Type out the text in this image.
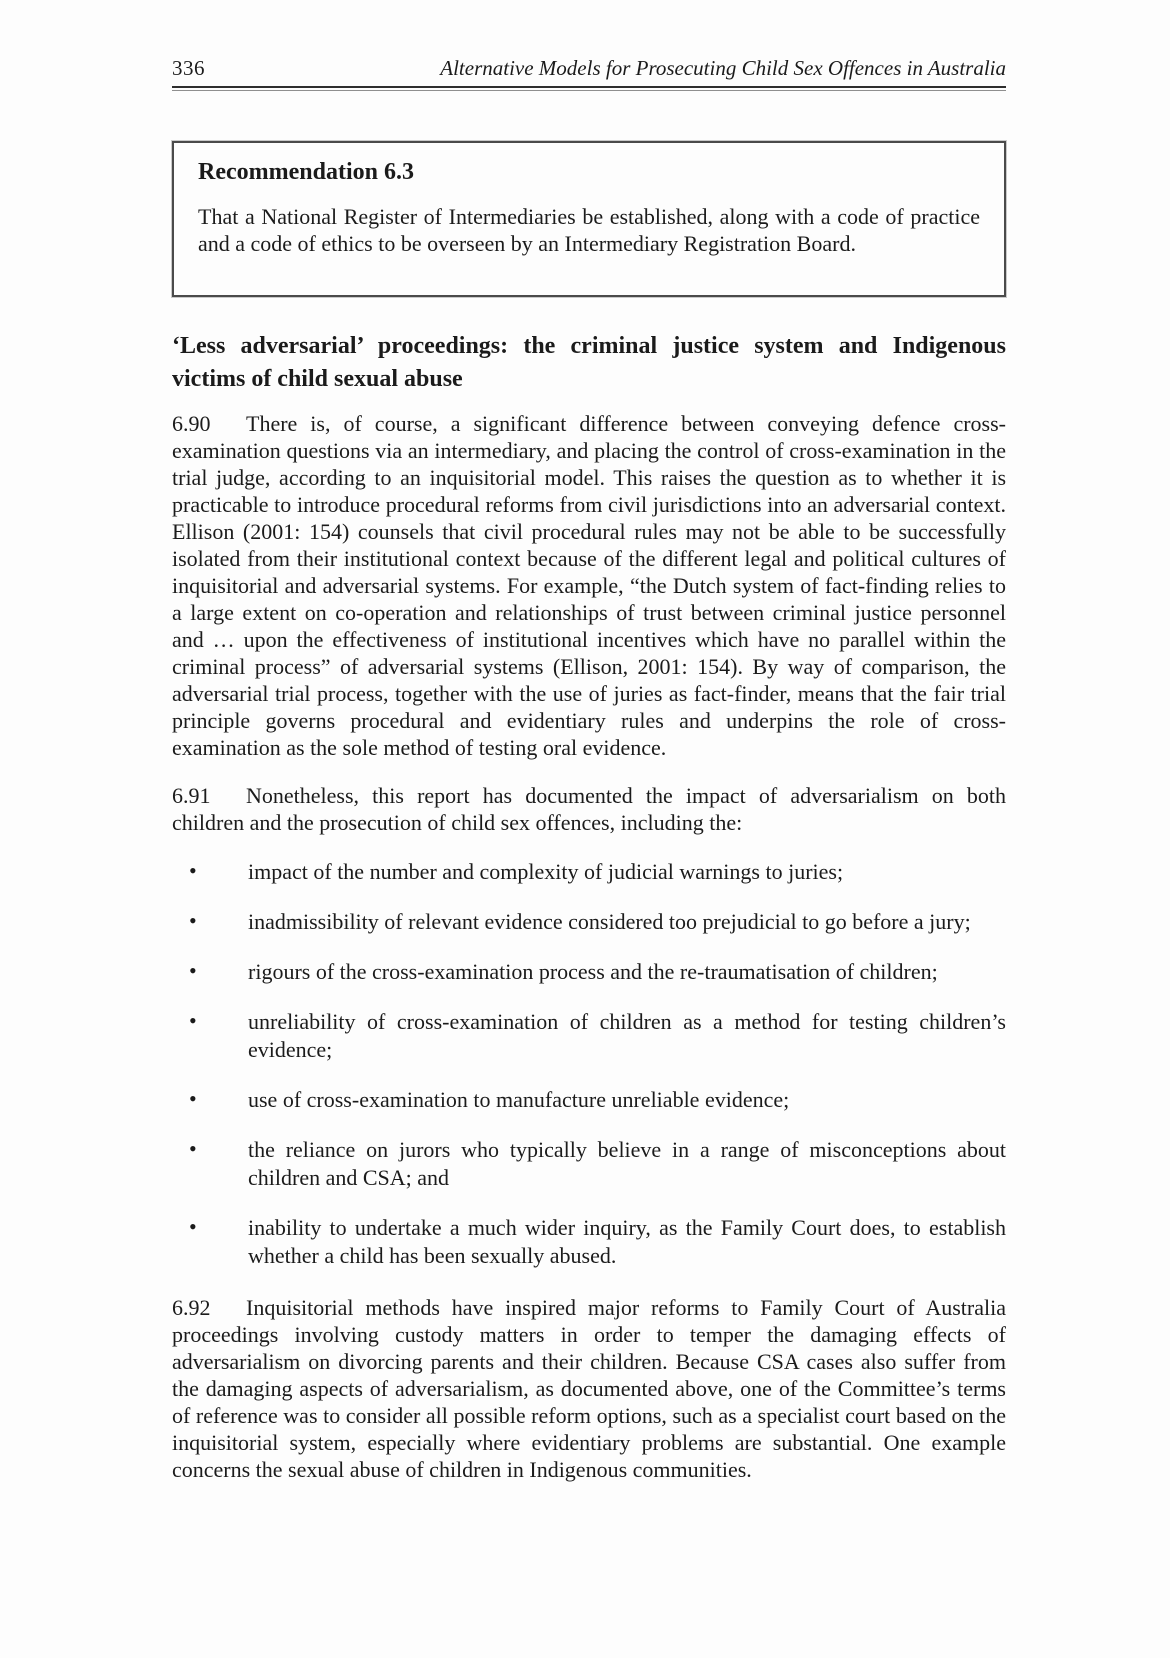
336	Alternative Models for Prosecuting Child Sex Offences in Australia

Recommendation 6.3

That a National Register of Intermediaries be established, along with a code of practice and a code of ethics to be overseen by an Intermediary Registration Board.

‘Less adversarial’ proceedings: the criminal justice system and Indigenous victims of child sexual abuse

6.90 There is, of course, a significant difference between conveying defence cross-examination questions via an intermediary, and placing the control of cross-examination in the trial judge, according to an inquisitorial model. This raises the question as to whether it is practicable to introduce procedural reforms from civil jurisdictions into an adversarial context. Ellison (2001: 154) counsels that civil procedural rules may not be able to be successfully isolated from their institutional context because of the different legal and political cultures of inquisitorial and adversarial systems. For example, “the Dutch system of fact-finding relies to a large extent on co-operation and relationships of trust between criminal justice personnel and … upon the effectiveness of institutional incentives which have no parallel within the criminal process” of adversarial systems (Ellison, 2001: 154). By way of comparison, the adversarial trial process, together with the use of juries as fact-finder, means that the fair trial principle governs procedural and evidentiary rules and underpins the role of cross-examination as the sole method of testing oral evidence.

6.91 Nonetheless, this report has documented the impact of adversarialism on both children and the prosecution of child sex offences, including the:

• impact of the number and complexity of judicial warnings to juries;
• inadmissibility of relevant evidence considered too prejudicial to go before a jury;
• rigours of the cross-examination process and the re-traumatisation of children;
• unreliability of cross-examination of children as a method for testing children’s evidence;
• use of cross-examination to manufacture unreliable evidence;
• the reliance on jurors who typically believe in a range of misconceptions about children and CSA; and
• inability to undertake a much wider inquiry, as the Family Court does, to establish whether a child has been sexually abused.

6.92 Inquisitorial methods have inspired major reforms to Family Court of Australia proceedings involving custody matters in order to temper the damaging effects of adversarialism on divorcing parents and their children. Because CSA cases also suffer from the damaging aspects of adversarialism, as documented above, one of the Committee’s terms of reference was to consider all possible reform options, such as a specialist court based on the inquisitorial system, especially where evidentiary problems are substantial. One example concerns the sexual abuse of children in Indigenous communities.
